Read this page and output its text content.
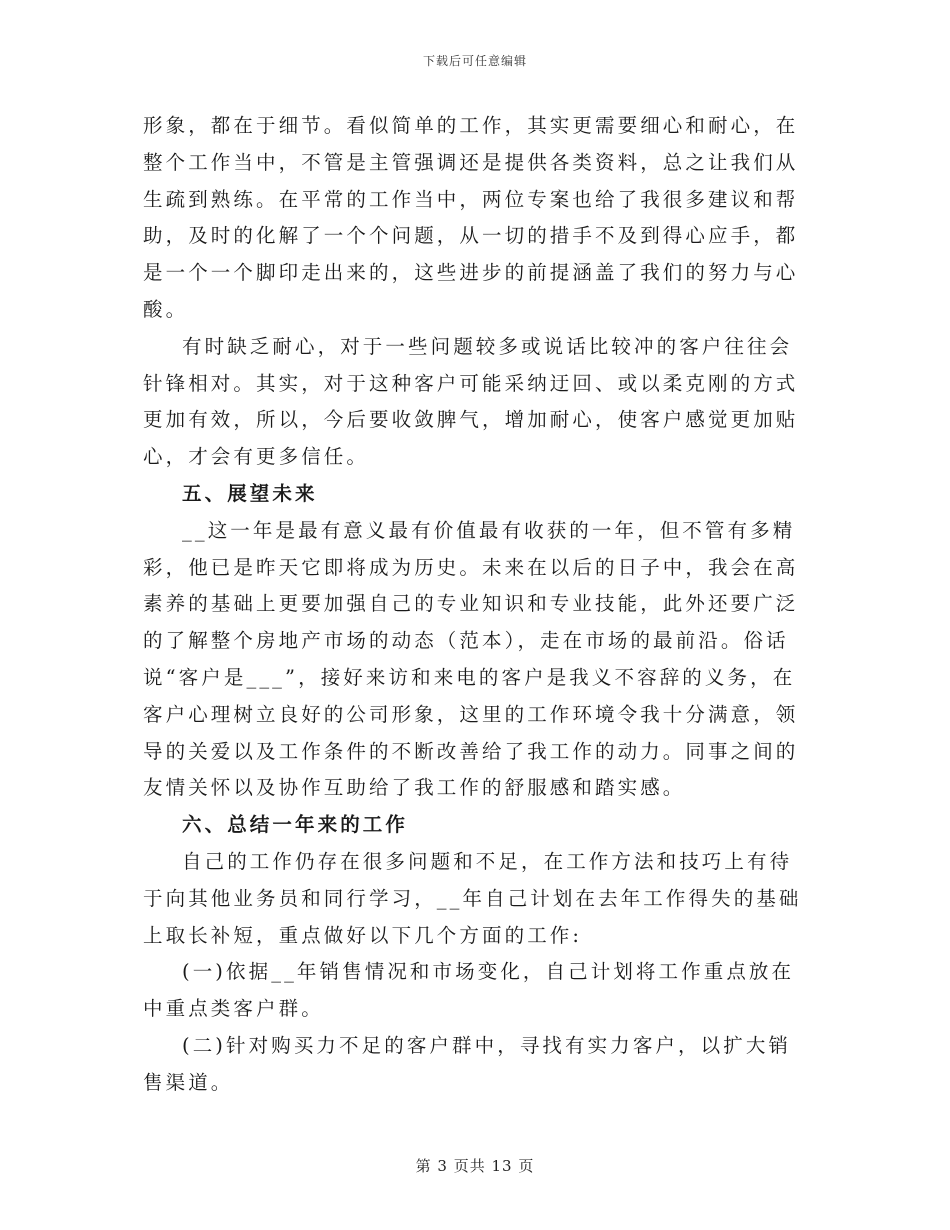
下载后可任意编辑

形象，都在于细节。看似简单的工作，其实更需要细心和耐心，在整个工作当中，不管是主管强调还是提供各类资料，总之让我们从生疏到熟练。在平常的工作当中，两位专案也给了我很多建议和帮助，及时的化解了一个个问题，从一切的措手不及到得心应手，都是一个一个脚印走出来的，这些进步的前提涵盖了我们的努力与心酸。

有时缺乏耐心，对于一些问题较多或说话比较冲的客户往往会针锋相对。其实，对于这种客户可能采纳迂回、或以柔克刚的方式更加有效，所以，今后要收敛脾气，增加耐心，使客户感觉更加贴心，才会有更多信任。

五、展望未来

__这一年是最有意义最有价值最有收获的一年，但不管有多精彩，他已是昨天它即将成为历史。未来在以后的日子中，我会在高素养的基础上更要加强自己的专业知识和专业技能，此外还要广泛的了解整个房地产市场的动态（范本），走在市场的最前沿。俗话说“客户是___”，接好来访和来电的客户是我义不容辞的义务，在客户心理树立良好的公司形象，这里的工作环境令我十分满意，领导的关爱以及工作条件的不断改善给了我工作的动力。同事之间的友情关怀以及协作互助给了我工作的舒服感和踏实感。

六、总结一年来的工作

自己的工作仍存在很多问题和不足，在工作方法和技巧上有待于向其他业务员和同行学习，__年自己计划在去年工作得失的基础上取长补短，重点做好以下几个方面的工作:

(一)依据__年销售情况和市场变化，自己计划将工作重点放在中重点类客户群。

(二)针对购买力不足的客户群中，寻找有实力客户，以扩大销售渠道。

第 3 页共 13 页
